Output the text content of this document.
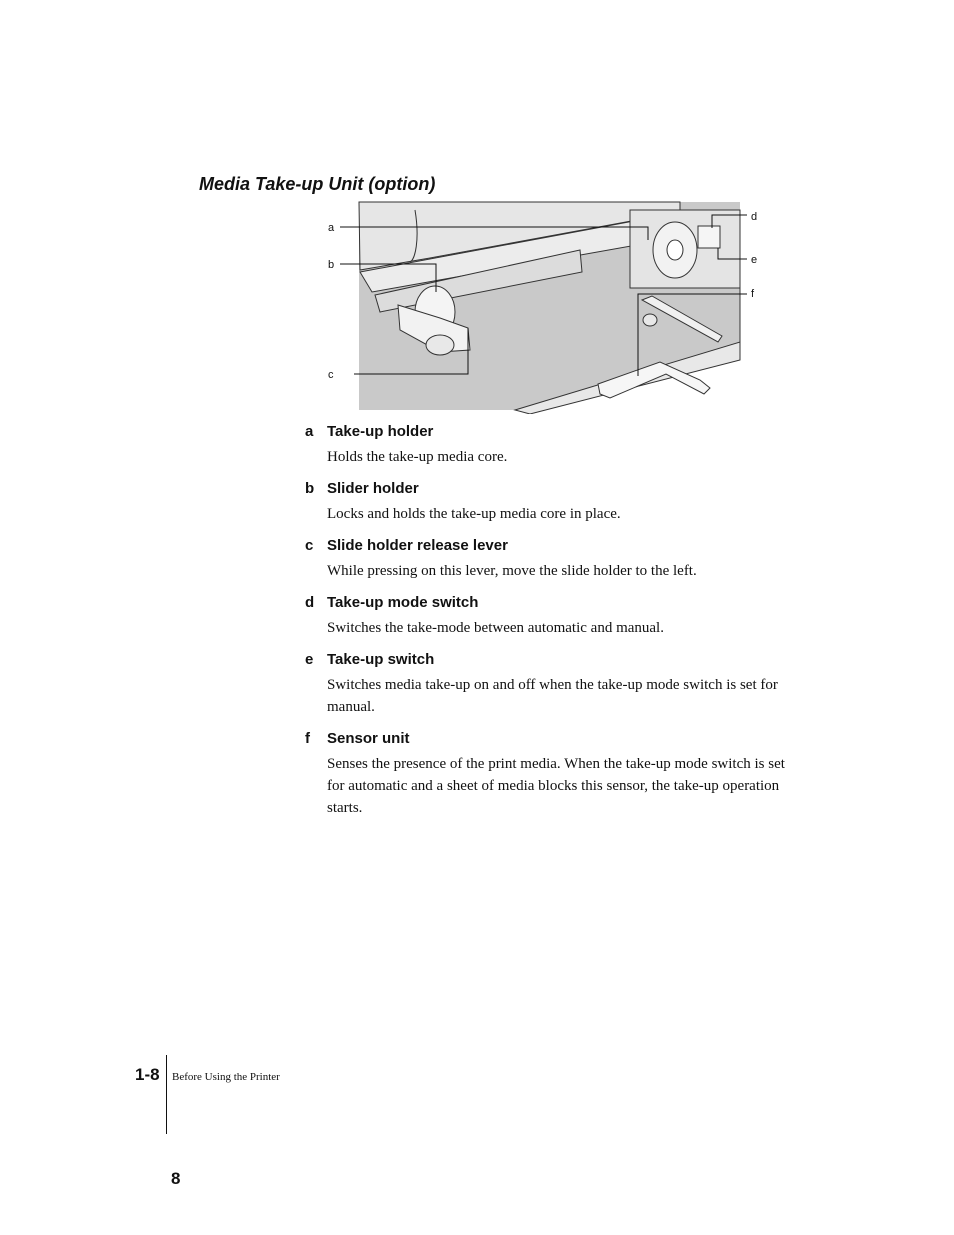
Media Take-up Unit (option)
a
b
c
d
e
f
a Take-up holder
Holds the take-up media core.
b Slider holder
Locks and holds the take-up media core in place.
c Slide holder release lever
While pressing on this lever, move the slide holder to the left.
d Take-up mode switch
Switches the take-mode between automatic and manual.
e Take-up switch
Switches media take-up on and off when the take-up mode switch is set for manual.
f	Sensor unit
Senses the presence of the print media. When the take-up mode switch is set for automatic and a sheet of media blocks this sensor, the take-up operation starts.
1-8 Before Using the Printer
8
